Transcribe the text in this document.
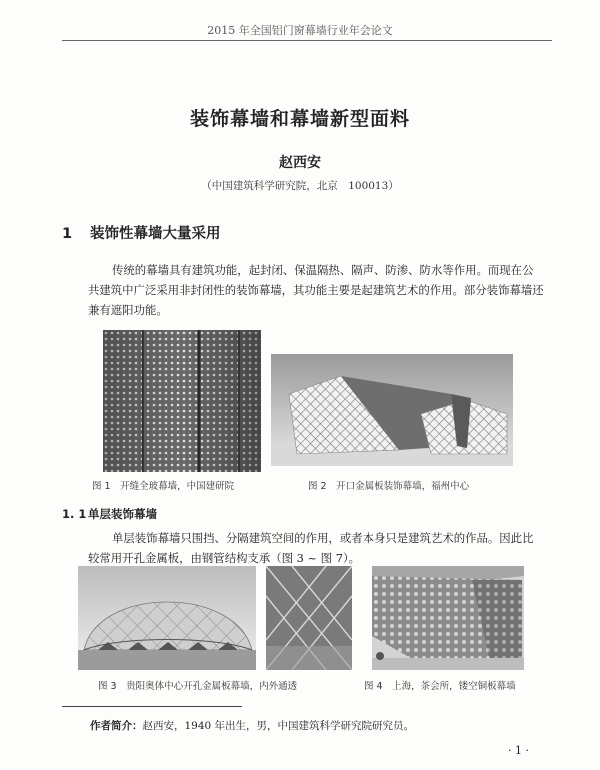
2015 年全国铝门窗幕墙行业年会论文
装饰幕墙和幕墙新型面料
赵西安
（中国建筑科学研究院，北京　100013）
1 装饰性幕墙大量采用
传统的幕墙具有建筑功能，起封闭、保温隔热、隔声、防渗、防水等作用。而现在公共建筑中广泛采用非封闭性的装饰幕墙，其功能主要是起建筑艺术的作用。部分装饰幕墙还兼有遮阳功能。
图 1　开缝全玻幕墙，中国建研院	图 2　开口金属板装饰幕墙，福州中心
1. 1 单层装饰幕墙
单层装饰幕墙只围挡、分隔建筑空间的作用，或者本身只是建筑艺术的作品。因此比较常用开孔金属板，由钢管结构支承（图 3 ~ 图 7）。
图 3　贵阳奥体中心开孔金属板幕墙，内外通透	图 4　上海，茶会所，镂空铜板幕墙
作者简介：赵西安，1940 年出生，男，中国建筑科学研究院研究员。
· 1 ·
